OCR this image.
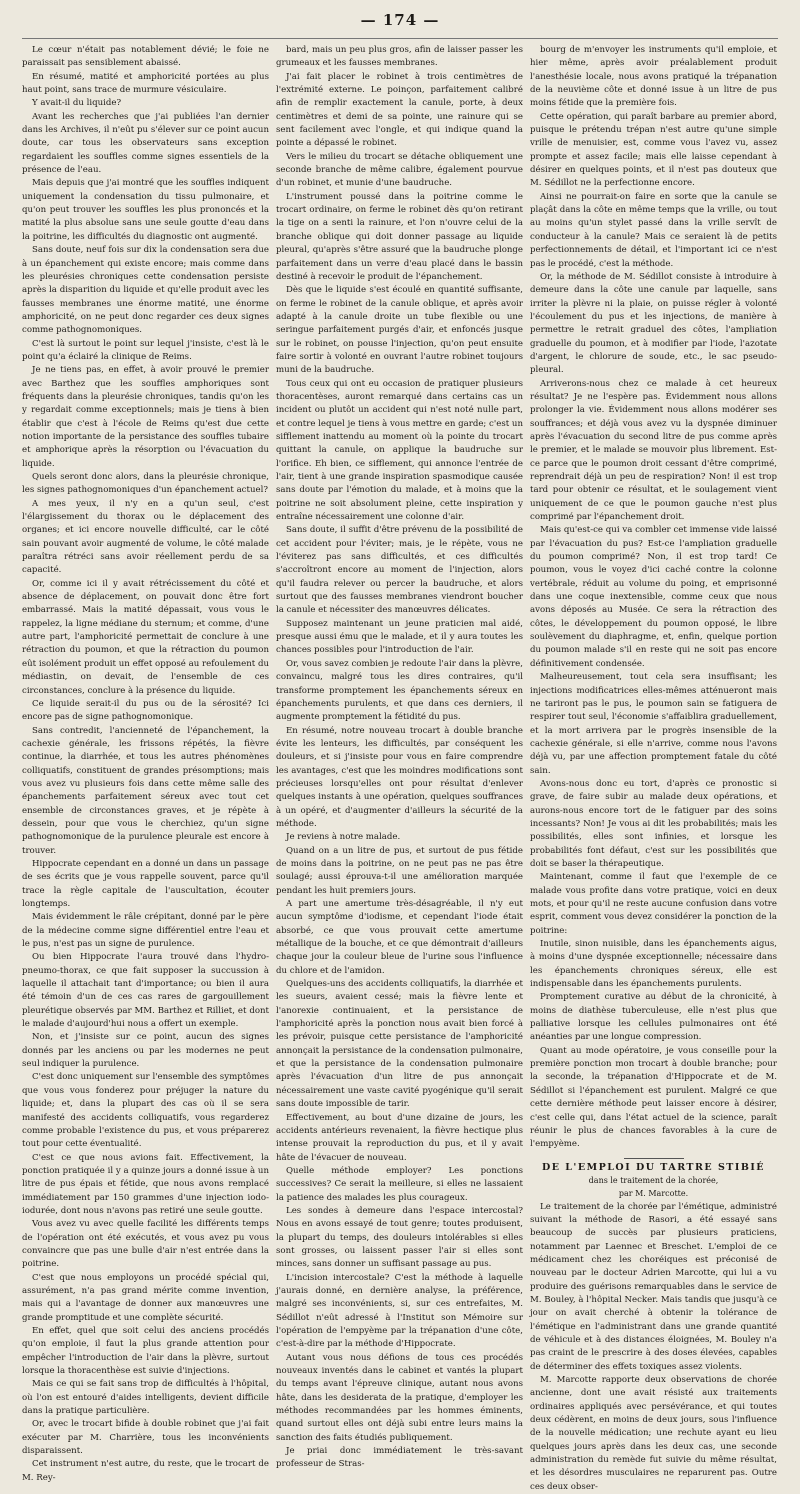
— 174 —

Le cœur n'était pas notablement dévié; le foie ne paraissait pas sensiblement abaissé.

En résumé, matité et amphoricité portées au plus haut point, sans trace de murmure vésiculaire.

Y avait-il du liquide?

Avant les recherches que j'ai publiées l'an dernier dans les Archives, il n'eût pu s'élever sur ce point aucun doute, car tous les observateurs sans exception regardaient les souffles comme signes essentiels de la présence de l'eau.

Mais depuis que j'ai montré que les souffles indiquent uniquement la condensation du tissu pulmonaire, et qu'on peut trouver les souffles les plus prononcés et la matité la plus absolue sans une seule goutte d'eau dans la poitrine, les difficultés du diagnostic ont augmenté.

Sans doute, neuf fois sur dix la condensation sera due à un épanchement qui existe encore; mais comme dans les pleurésies chroniques cette condensation persiste après la disparition du liquide et qu'elle produit avec les fausses membranes une énorme matité, une énorme amphoricité, on ne peut donc regarder ces deux signes comme pathognomoniques.

C'est là surtout le point sur lequel j'insiste, c'est là le point qu'a éclairé la clinique de Reims.

Je ne tiens pas, en effet, à avoir prouvé le premier avec Barthez que les souffles amphoriques sont fréquents dans la pleurésie chroniques, tandis qu'on les y regardait comme exceptionnels; mais je tiens à bien établir que c'est à l'école de Reims qu'est due cette notion importante de la persistance des souffles tubaire et amphorique après la résorption ou l'évacuation du liquide.

Quels seront donc alors, dans la pleurésie chronique, les signes pathognomoniques d'un épanchement actuel?

A mes yeux, il n'y en a qu'un seul, c'est l'élargissement du thorax ou le déplacement des organes; et ici encore nouvelle difficulté, car le côté sain pouvant avoir augmenté de volume, le côté malade paraîtra rétréci sans avoir réellement perdu de sa capacité.

Or, comme ici il y avait rétrécissement du côté et absence de déplacement, on pouvait donc être fort embarrassé. Mais la matité dépassait, vous vous le rappelez, la ligne médiane du sternum; et comme, d'une autre part, l'amphoricité permettait de conclure à une rétraction du poumon, et que la rétraction du poumon eût isolément produit un effet opposé au refoulement du médiastin, on devait, de l'ensemble de ces circonstances, conclure à la présence du liquide.

Ce liquide serait-il du pus ou de la sérosité? Ici encore pas de signe pathognomonique.

Sans contredit, l'ancienneté de l'épanchement, la cachexie générale, les frissons répétés, la fièvre continue, la diarrhée, et tous les autres phénomènes colliquatifs, constituent de grandes présomptions; mais vous avez vu plusieurs fois dans cette même salle des épanchements parfaitement séreux avec tout cet ensemble de circonstances graves, et je répète à dessein, pour que vous le cherchiez, qu'un signe pathognomonique de la purulence pleurale est encore à trouver.

Hippocrate cependant en a donné un dans un passage de ses écrits que je vous rappelle souvent, parce qu'il trace la règle capitale de l'auscultation, écouter longtemps.

Mais évidemment le râle crépitant, donné par le père de la médecine comme signe différentiel entre l'eau et le pus, n'est pas un signe de purulence.

Ou bien Hippocrate l'aura trouvé dans l'hydro-pneumo-thorax, ce que fait supposer la succussion à laquelle il attachait tant d'importance; ou bien il aura été témoin d'un de ces cas rares de gargouillement pleurétique observés par MM. Barthez et Rilliet, et dont le malade d'aujourd'hui nous a offert un exemple.

Non, et j'insiste sur ce point, aucun des signes donnés par les anciens ou par les modernes ne peut seul indiquer la purulence.

C'est donc uniquement sur l'ensemble des symptômes que vous vous fonderez pour préjuger la nature du liquide; et, dans la plupart des cas où il se sera manifesté des accidents colliquatifs, vous regarderez comme probable l'existence du pus, et vous préparerez tout pour cette éventualité.

C'est ce que nous avions fait. Effectivement, la ponction pratiquée il y a quinze jours a donné issue à un litre de pus épais et fétide, que nous avons remplacé immédiatement par 150 grammes d'une injection iodo-iodurée, dont nous n'avons pas retiré une seule goutte.

Vous avez vu avec quelle facilité les différents temps de l'opération ont été exécutés, et vous avez pu vous convaincre que pas une bulle d'air n'est entrée dans la poitrine.

C'est que nous employons un procédé spécial qui, assurément, n'a pas grand mérite comme invention, mais qui a l'avantage de donner aux manœuvres une grande promptitude et une complète sécurité.

En effet, quel que soit celui des anciens procédés qu'on emploie, il faut la plus grande attention pour empêcher l'introduction de l'air dans la plèvre, surtout lorsque la thoracenthèse est suivie d'injections.

Mais ce qui se fait sans trop de difficultés à l'hôpital, où l'on est entouré d'aides intelligents, devient difficile dans la pratique particulière.

Or, avec le trocart bifide à double robinet que j'ai fait exécuter par M. Charrière, tous les inconvénients disparaissent.

Cet instrument n'est autre, du reste, que le trocart de M. Rey-

bard, mais un peu plus gros, afin de laisser passer les grumeaux et les fausses membranes.

J'ai fait placer le robinet à trois centimètres de l'extrémité externe. Le poinçon, parfaitement calibré afin de remplir exactement la canule, porte, à deux centimètres et demi de sa pointe, une rainure qui se sent facilement avec l'ongle, et qui indique quand la pointe a dépassé le robinet.

Vers le milieu du trocart se détache obliquement une seconde branche de même calibre, également pourvue d'un robinet, et munie d'une baudruche.

L'instrument poussé dans la poitrine comme le trocart ordinaire, on ferme le robinet dès qu'on retirant la tige on a senti la rainure, et l'on n'ouvre celui de la branche oblique qui doit donner passage au liquide pleural, qu'après s'être assuré que la baudruche plonge parfaitement dans un verre d'eau placé dans le bassin destiné à recevoir le produit de l'épanchement.

Dès que le liquide s'est écoulé en quantité suffisante, on ferme le robinet de la canule oblique, et après avoir adapté à la canule droite un tube flexible ou une seringue parfaitement purgés d'air, et enfoncés jusque sur le robinet, on pousse l'injection, qu'on peut ensuite faire sortir à volonté en ouvrant l'autre robinet toujours muni de la baudruche.

Tous ceux qui ont eu occasion de pratiquer plusieurs thoracentèses, auront remarqué dans certains cas un incident ou plutôt un accident qui n'est noté nulle part, et contre lequel je tiens à vous mettre en garde; c'est un sifflement inattendu au moment où la pointe du trocart quittant la canule, on applique la baudruche sur l'orifice. Eh bien, ce sifflement, qui annonce l'entrée de l'air, tient à une grande inspiration spasmodique causée sans doute par l'émotion du malade, et à moins que la poitrine ne soit absolument pleine, cette inspiration y entraîne nécessairement une colonne d'air.

Sans doute, il suffit d'être prévenu de la possibilité de cet accident pour l'éviter; mais, je le répète, vous ne l'éviterez pas sans difficultés, et ces difficultés s'accroîtront encore au moment de l'injection, alors qu'il faudra relever ou percer la baudruche, et alors surtout que des fausses membranes viendront boucher la canule et nécessiter des manœuvres délicates.

Supposez maintenant un jeune praticien mal aidé, presque aussi ému que le malade, et il y aura toutes les chances possibles pour l'introduction de l'air.

Or, vous savez combien je redoute l'air dans la plèvre, convaincu, malgré tous les dires contraires, qu'il transforme promptement les épanchements séreux en épanchements purulents, et que dans ces derniers, il augmente promptement la fétidité du pus.

En résumé, notre nouveau trocart à double branche évite les lenteurs, les difficultés, par conséquent les douleurs, et si j'insiste pour vous en faire comprendre les avantages, c'est que les moindres modifications sont précieuses lorsqu'elles ont pour résultat d'enlever quelques instants à une opération, quelques souffrances à un opéré, et d'augmenter d'ailleurs la sécurité de la méthode.

Je reviens à notre malade.

Quand on a un litre de pus, et surtout de pus fétide de moins dans la poitrine, on ne peut pas ne pas être soulagé; aussi éprouva-t-il une amélioration marquée pendant les huit premiers jours.

A part une amertume très-désagréable, il n'y eut aucun symptôme d'iodisme, et cependant l'iode était absorbé, ce que vous prouvait cette amertume métallique de la bouche, et ce que démontrait d'ailleurs chaque jour la couleur bleue de l'urine sous l'influence du chlore et de l'amidon.

Quelques-uns des accidents colliquatifs, la diarrhée et les sueurs, avaient cessé; mais la fièvre lente et l'anorexie continuaient, et la persistance de l'amphoricité après la ponction nous avait bien forcé à les prévoir, puisque cette persistance de l'amphoricité annonçait la persistance de la condensation pulmonaire, et que la persistance de la condensation pulmonaire après l'évacuation d'un litre de pus annonçait nécessairement une vaste cavité pyogénique qu'il serait sans doute impossible de tarir.

Effectivement, au bout d'une dizaine de jours, les accidents antérieurs revenaient, la fièvre hectique plus intense prouvait la reproduction du pus, et il y avait hâte de l'évacuer de nouveau.

Quelle méthode employer? Les ponctions successives? Ce serait la meilleure, si elles ne lassaient la patience des malades les plus courageux.

Les sondes à demeure dans l'espace intercostal? Nous en avons essayé de tout genre; toutes produisent, la plupart du temps, des douleurs intolérables si elles sont grosses, ou laissent passer l'air si elles sont minces, sans donner un suffisant passage au pus.

L'incision intercostale? C'est la méthode à laquelle j'aurais donné, en dernière analyse, la préférence, malgré ses inconvénients, si, sur ces entrefaites, M. Sédillot n'eût adressé à l'Institut son Mémoire sur l'opération de l'empyème par la trépanation d'une côte, c'est-à-dire par la méthode d'Hippocrate.

Autant vous nous défions de tous ces procédés nouveaux inventés dans le cabinet et vantés la plupart du temps avant l'épreuve clinique, autant nous avons hâte, dans les desiderata de la pratique, d'employer les méthodes recommandées par les hommes éminents, quand surtout elles ont déjà subi entre leurs mains la sanction des faits étudiés publiquement.

Je priai donc immédiatement le très-savant professeur de Stras-

bourg de m'envoyer les instruments qu'il emploie, et hier même, après avoir préalablement produit l'anesthésie locale, nous avons pratiqué la trépanation de la neuvième côte et donné issue à un litre de pus moins fétide que la première fois.

Cette opération, qui paraît barbare au premier abord, puisque le prétendu trépan n'est autre qu'une simple vrille de menuisier, est, comme vous l'avez vu, assez prompte et assez facile; mais elle laisse cependant à désirer en quelques points, et il n'est pas douteux que M. Sédillot ne la perfectionne encore.

Ainsi ne pourrait-on faire en sorte que la canule se plaçât dans la côte en même temps que la vrille, ou tout au moins qu'un stylet passé dans la vrille servît de conducteur à la canule? Mais ce seraient là de petits perfectionnements de détail, et l'important ici ce n'est pas le procédé, c'est la méthode.

Or, la méthode de M. Sédillot consiste à introduire à demeure dans la côte une canule par laquelle, sans irriter la plèvre ni la plaie, on puisse régler à volonté l'écoulement du pus et les injections, de manière à permettre le retrait graduel des côtes, l'ampliation graduelle du poumon, et à modifier par l'iode, l'azotate d'argent, le chlorure de soude, etc., le sac pseudo-pleural.

Arriverons-nous chez ce malade à cet heureux résultat? Je ne l'espère pas. Évidemment nous allons prolonger la vie. Évidemment nous allons modérer ses souffrances; et déjà vous avez vu la dyspnée diminuer après l'évacuation du second litre de pus comme après le premier, et le malade se mouvoir plus librement. Est-ce parce que le poumon droit cessant d'être comprimé, reprendrait déjà un peu de respiration? Non! il est trop tard pour obtenir ce résultat, et le soulagement vient uniquement de ce que le poumon gauche n'est plus comprimé par l'épanchement droit.

Mais qu'est-ce qui va combler cet immense vide laissé par l'évacuation du pus? Est-ce l'ampliation graduelle du poumon comprimé? Non, il est trop tard! Ce poumon, vous le voyez d'ici caché contre la colonne vertébrale, réduit au volume du poing, et emprisonné dans une coque inextensible, comme ceux que nous avons déposés au Musée. Ce sera la rétraction des côtes, le développement du poumon opposé, le libre soulèvement du diaphragme, et, enfin, quelque portion du poumon malade s'il en reste qui ne soit pas encore définitivement condensée.

Malheureusement, tout cela sera insuffisant; les injections modificatrices elles-mêmes atténueront mais ne tariront pas le pus, le poumon sain se fatiguera de respirer tout seul, l'économie s'affaiblira graduellement, et la mort arrivera par le progrès insensible de la cachexie générale, si elle n'arrive, comme nous l'avons déjà vu, par une affection promptement fatale du côté sain.

Avons-nous donc eu tort, d'après ce pronostic si grave, de faire subir au malade deux opérations, et aurons-nous encore tort de le fatiguer par des soins incessants? Non! Je vous ai dit les probabilités; mais les possibilités, elles sont infinies, et lorsque les probabilités font défaut, c'est sur les possibilités que doit se baser la thérapeutique.

Maintenant, comme il faut que l'exemple de ce malade vous profite dans votre pratique, voici en deux mots, et pour qu'il ne reste aucune confusion dans votre esprit, comment vous devez considérer la ponction de la poitrine:

Inutile, sinon nuisible, dans les épanchements aigus, à moins d'une dyspnée exceptionnelle; nécessaire dans les épanchements chroniques séreux, elle est indispensable dans les épanchements purulents.

Promptement curative au début de la chronicité, à moins de diathèse tuberculeuse, elle n'est plus que palliative lorsque les cellules pulmonaires ont été anéanties par une longue compression.

Quant au mode opératoire, je vous conseille pour la première ponction mon trocart à double branche; pour la seconde, la trépanation d'Hippocrate et de M. Sédillot si l'épanchement est purulent. Malgré ce que cette dernière méthode peut laisser encore à désirer, c'est celle qui, dans l'état actuel de la science, paraît réunir le plus de chances favorables à la cure de l'empyème.

DE L'EMPLOI DU TARTRE STIBIÉ

dans le traitement de la chorée,

par M. Marcotte.

Le traitement de la chorée par l'émétique, administré suivant la méthode de Rasori, a été essayé sans beaucoup de succès par plusieurs praticiens, notamment par Laennec et Breschet. L'emploi de ce médicament chez les choréiques est préconisé de nouveau par le docteur Adrien Marcotte, qui lui a vu produire des guérisons remarquables dans le service de M. Bouley, à l'hôpital Necker. Mais tandis que jusqu'à ce jour on avait cherché à obtenir la tolérance de l'émétique en l'administrant dans une grande quantité de véhicule et à des distances éloignées, M. Bouley n'a pas craint de le prescrire à des doses élevées, capables de déterminer des effets toxiques assez violents.

M. Marcotte rapporte deux observations de chorée ancienne, dont une avait résisté aux traitements ordinaires appliqués avec persévérance, et qui toutes deux cédèrent, en moins de deux jours, sous l'influence de la nouvelle médication; une rechute ayant eu lieu quelques jours après dans les deux cas, une seconde administration du remède fut suivie du même résultat, et les désordres musculaires ne reparurent pas. Outre ces deux obser-
